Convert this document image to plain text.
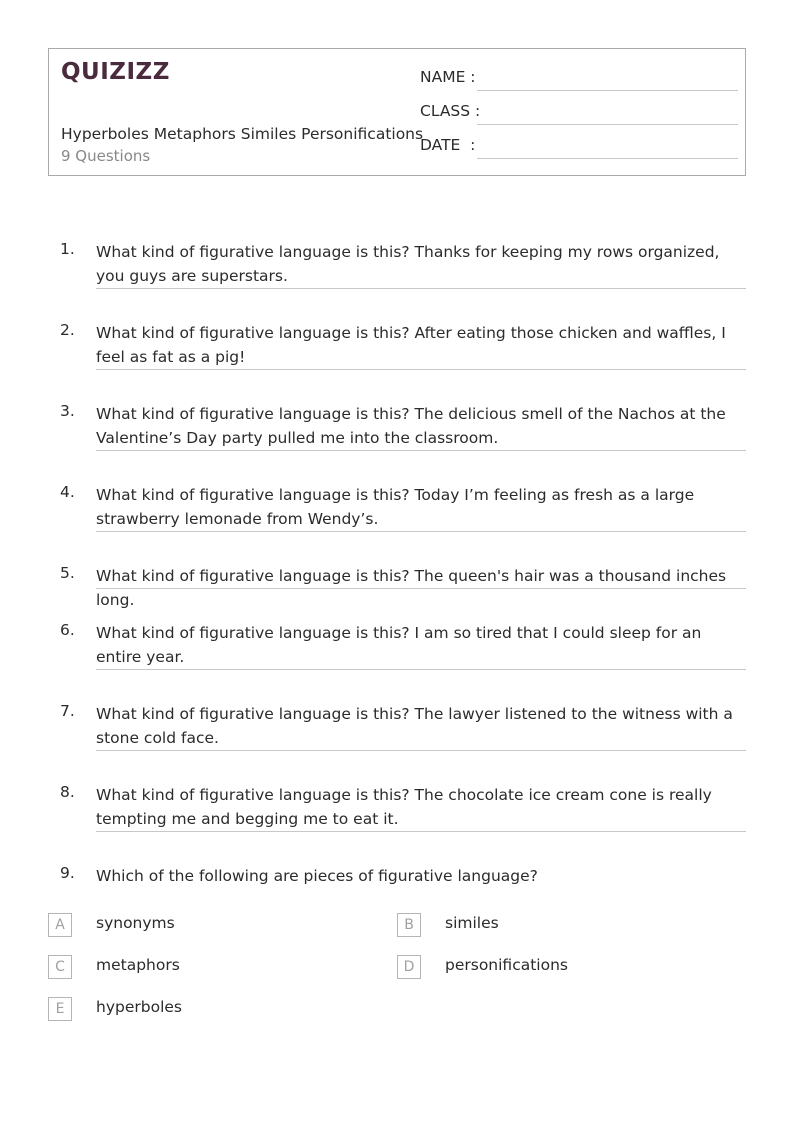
QUIZIZZ
Hyperboles Metaphors Similes Personifications
9 Questions
NAME :
CLASS :
DATE  :
1. What kind of figurative language is this? Thanks for keeping my rows organized, you guys are superstars.
2. What kind of figurative language is this? After eating those chicken and waffles, I feel as fat as a pig!
3. What kind of figurative language is this? The delicious smell of the Nachos at the Valentine’s Day party pulled me into the classroom.
4. What kind of figurative language is this? Today I’m feeling as fresh as a large strawberry lemonade from Wendy’s.
5. What kind of figurative language is this? The queen's hair was a thousand inches long.
6. What kind of figurative language is this? I am so tired that I could sleep for an entire year.
7. What kind of figurative language is this? The lawyer listened to the witness with a stone cold face.
8. What kind of figurative language is this? The chocolate ice cream cone is really tempting me and begging me to eat it.
9. Which of the following are pieces of figurative language?
A	synonyms	B	similes
C	metaphors	D	personifications
E	hyperboles
